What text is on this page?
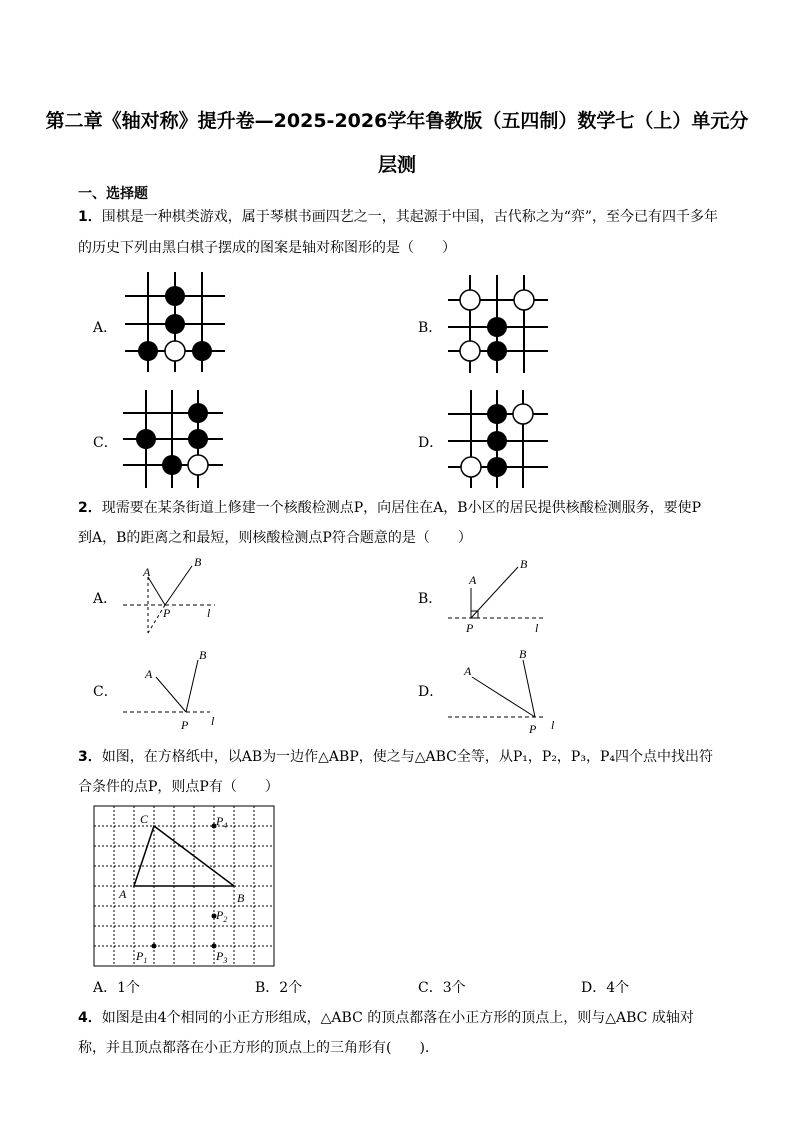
第二章《轴对称》提升卷—2025-2026学年鲁教版（五四制）数学七（上）单元分
层测
一、选择题
1．围棋是一种棋类游戏，属于琴棋书画四艺之一，其起源于中国，古代称之为“弈”，至今已有四千多年
的历史下列由黑白棋子摆成的图案是轴对称图形的是（　　）
A．	B．
C．	D．
2．现需要在某条街道上修建一个核酸检测点P，向居住在A，B小区的居民提供核酸检测服务，要使P
到A，B的距离之和最短，则核酸检测点P符合题意的是（　　）
A．	B．
C．	D．
A
B
P	l
A
B
P	l
A
B
P l
A
B
P l
3．如图，在方格纸中，以AB为一边作△ABP，使之与△ABC全等，从P₁，P₂，P₃，P₄四个点中找出符
合条件的点P，则点P有（　　）
A
C
B
$P_4$
$P_2$
$P_3$
$P_1$
A．1个	B．2个	C．3个	D．4个
4．如图是由4个相同的小正方形组成，△ABC 的顶点都落在小正方形的顶点上，则与△ABC 成轴对
称，并且顶点都落在小正方形的顶点上的三角形有(　　).
